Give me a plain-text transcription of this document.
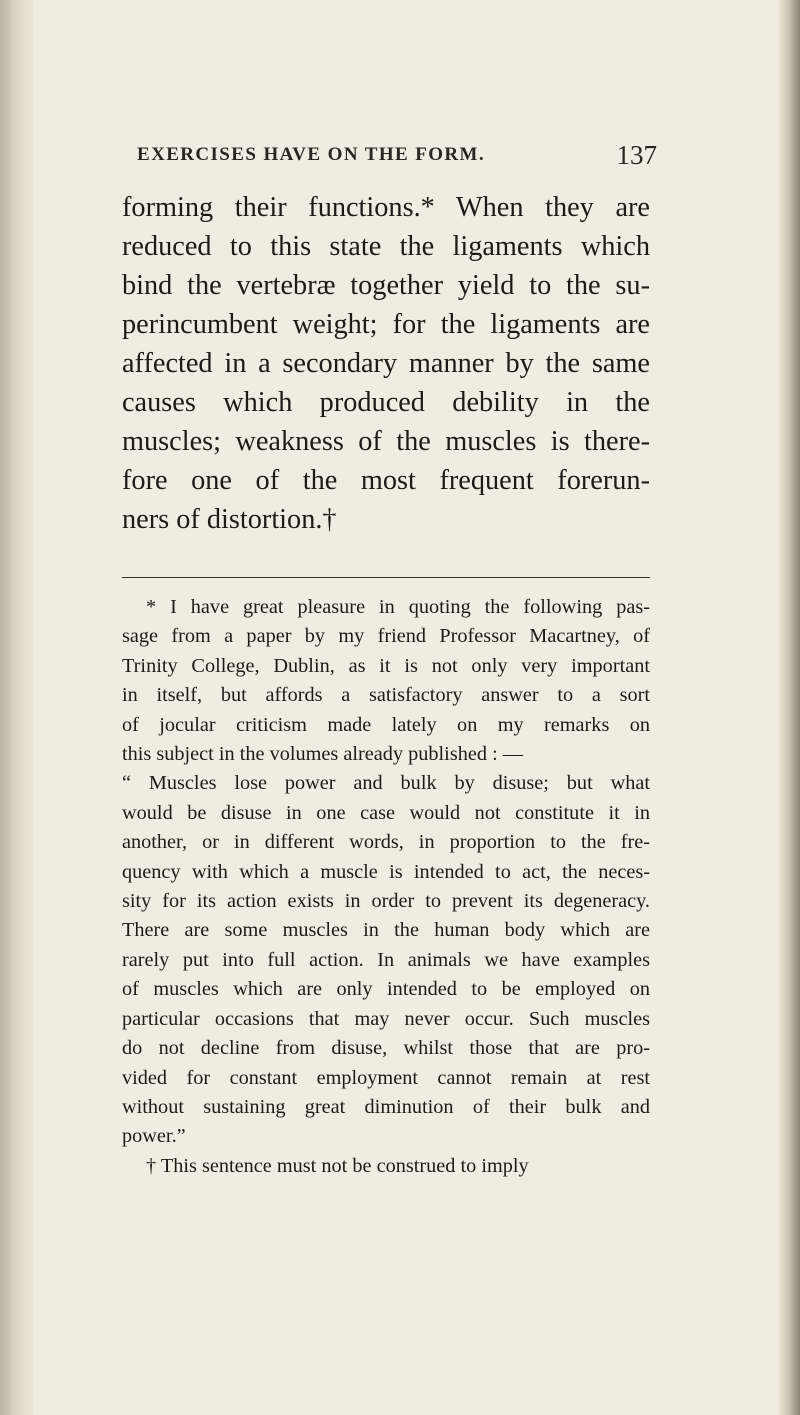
EXERCISES HAVE ON THE FORM.	137
forming their functions.* When they are
reduced to this state the ligaments which
bind the vertebræ together yield to the su-
perincumbent weight; for the ligaments are
affected in a secondary manner by the same
causes which produced debility in the
muscles; weakness of the muscles is there-
fore one of the most frequent forerun-
ners of distortion.†
* I have great pleasure in quoting the following pas-
sage from a paper by my friend Professor Macartney, of
Trinity College, Dublin, as it is not only very important
in itself, but affords a satisfactory answer to a sort
of jocular criticism made lately on my remarks on
this subject in the volumes already published : —
“ Muscles lose power and bulk by disuse; but what
would be disuse in one case would not constitute it in
another, or in different words, in proportion to the fre-
quency with which a muscle is intended to act, the neces-
sity for its action exists in order to prevent its degeneracy.
There are some muscles in the human body which are
rarely put into full action. In animals we have examples
of muscles which are only intended to be employed on
particular occasions that may never occur. Such muscles
do not decline from disuse, whilst those that are pro-
vided for constant employment cannot remain at rest
without sustaining great diminution of their bulk and
power.”
† This sentence must not be construed to imply
